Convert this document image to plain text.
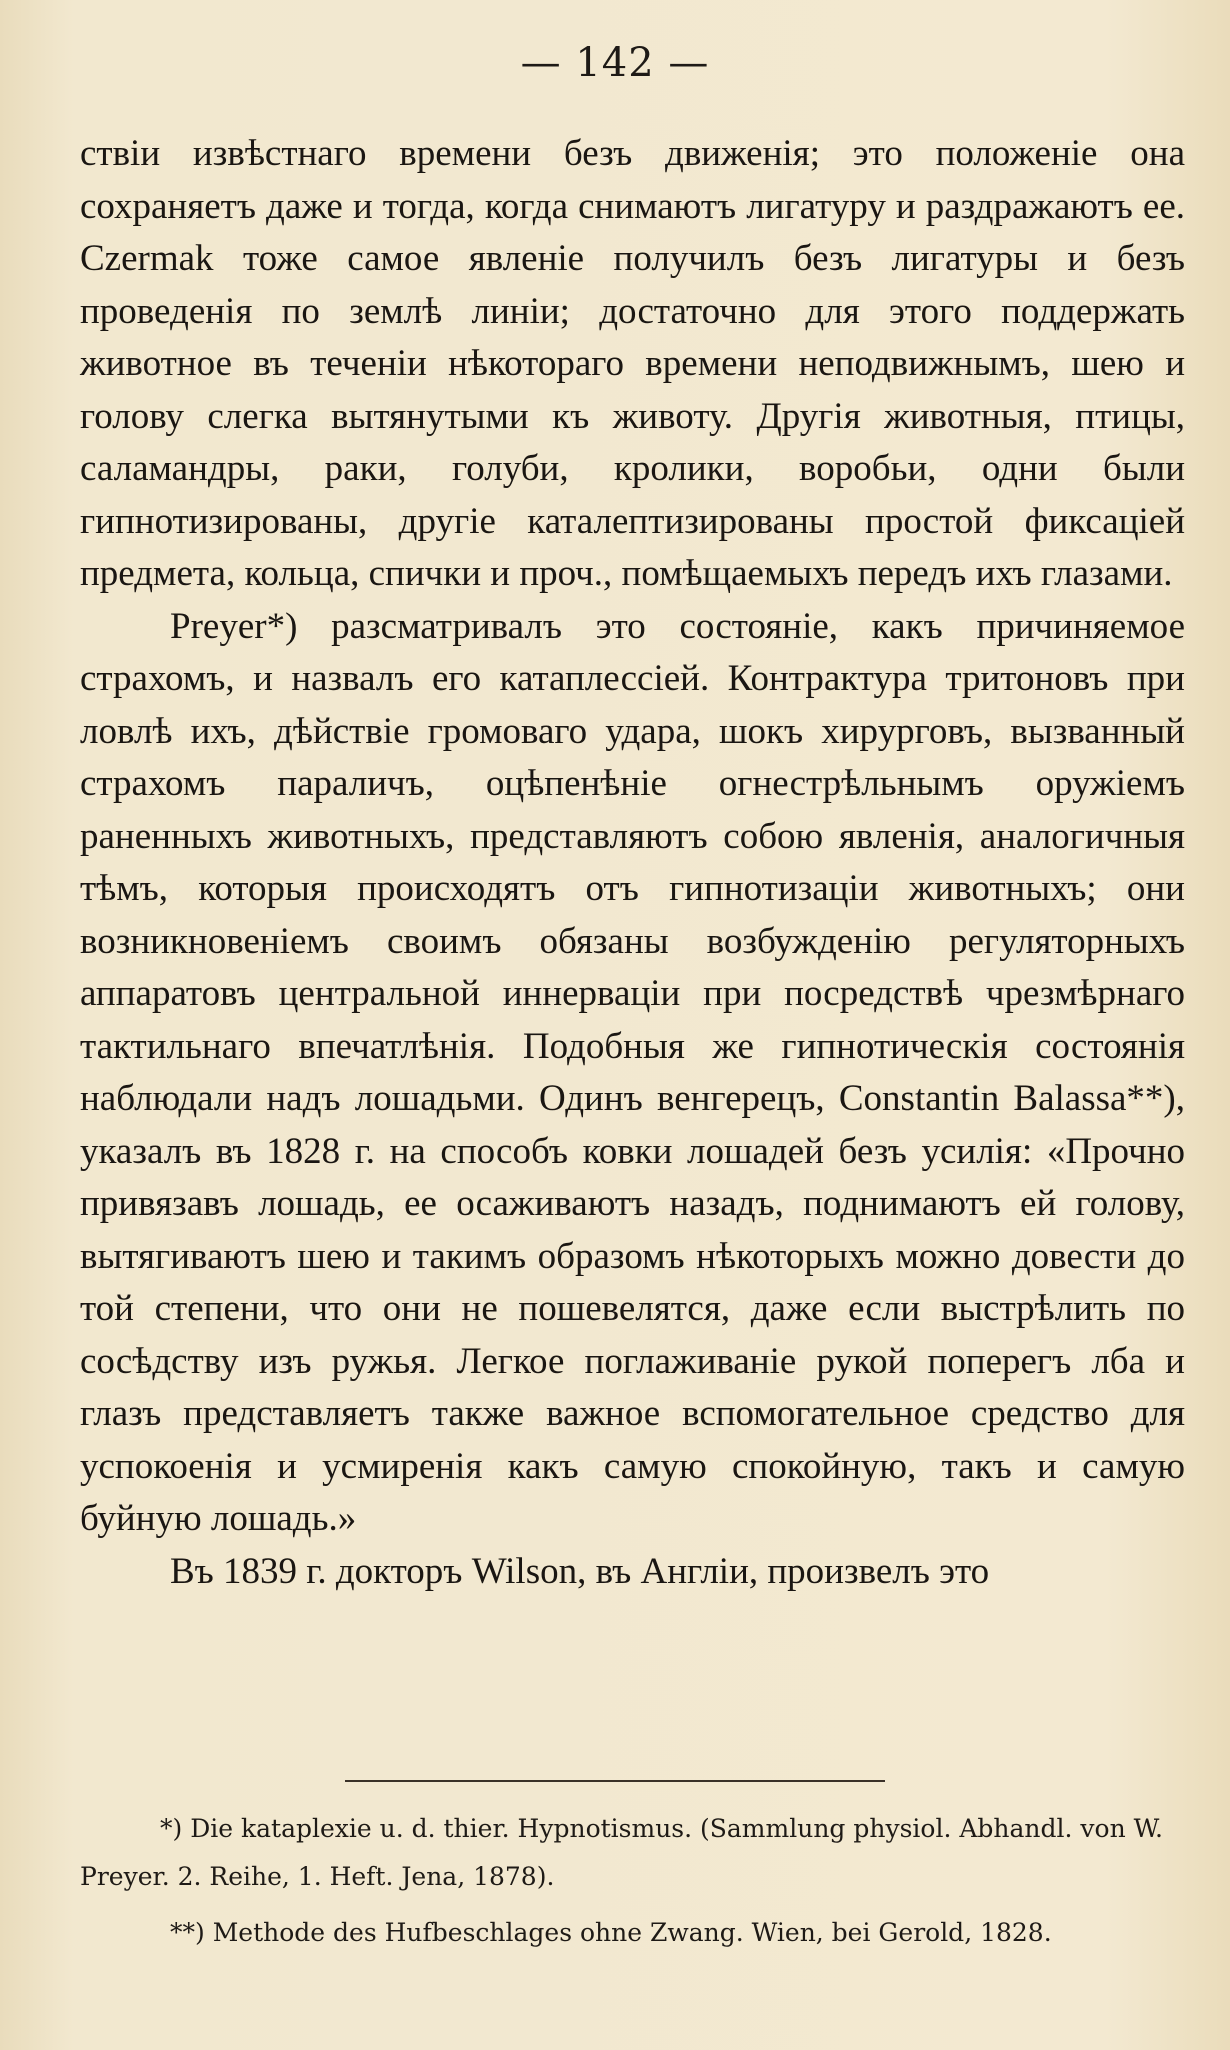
— 142 —

ствіи извѣстнаго времени безъ движенія; это положеніе она сохраняетъ даже и тогда, когда снимаютъ лигатуру и раздражаютъ ее. Czermak тоже самое явленіе получилъ безъ лигатуры и безъ проведенія по землѣ линіи; достаточно для этого поддержать животное въ теченіи нѣкотораго времени неподвижнымъ, шею и голову слегка вытянутыми къ животу. Другія животныя, птицы, саламандры, раки, голуби, кролики, воробьи, одни были гипнотизированы, другіе каталептизированы простой фиксаціей предмета, кольца, спички и проч., помѣщаемыхъ передъ ихъ глазами.

Preyer*) разсматривалъ это состояніе, какъ причиняемое страхомъ, и назвалъ его катаплессіей. Контрактура тритоновъ при ловлѣ ихъ, дѣйствіе громоваго удара, шокъ хирурговъ, вызванный страхомъ параличъ, оцѣпенѣніе огнестрѣльнымъ оружіемъ раненныхъ животныхъ, представляютъ собою явленія, аналогичныя тѣмъ, которыя происходятъ отъ гипнотизаціи животныхъ; они возникновеніемъ своимъ обязаны возбужденію регуляторныхъ аппаратовъ центральной иннерваціи при посредствѣ чрезмѣрнаго тактильнаго впечатлѣнія. Подобныя же гипнотическія состоянія наблюдали надъ лошадьми. Одинъ венгерецъ, Constantin Balassa**), указалъ въ 1828 г. на способъ ковки лошадей безъ усилія: «Прочно привязавъ лошадь, ее осаживаютъ назадъ, поднимаютъ ей голову, вытягиваютъ шею и такимъ образомъ нѣкоторыхъ можно довести до той степени, что они не пошевелятся, даже если выстрѣлить по сосѣдству изъ ружья. Легкое поглаживаніе рукой поперегъ лба и глазъ представляетъ также важное вспомогательное средство для успокоенія и усмиренія какъ самую спокойную, такъ и самую буйную лошадь.»

Въ 1839 г. докторъ Wilson, въ Англіи, произвелъ это

*) Die kataplexie u. d. thier. Hypnotismus. (Sammlung physiol. Abhandl. von W. Preyer. 2. Reihe, 1. Heft. Jena, 1878).

**) Methode des Hufbeschlages ohne Zwang. Wien, bei Gerold, 1828.
